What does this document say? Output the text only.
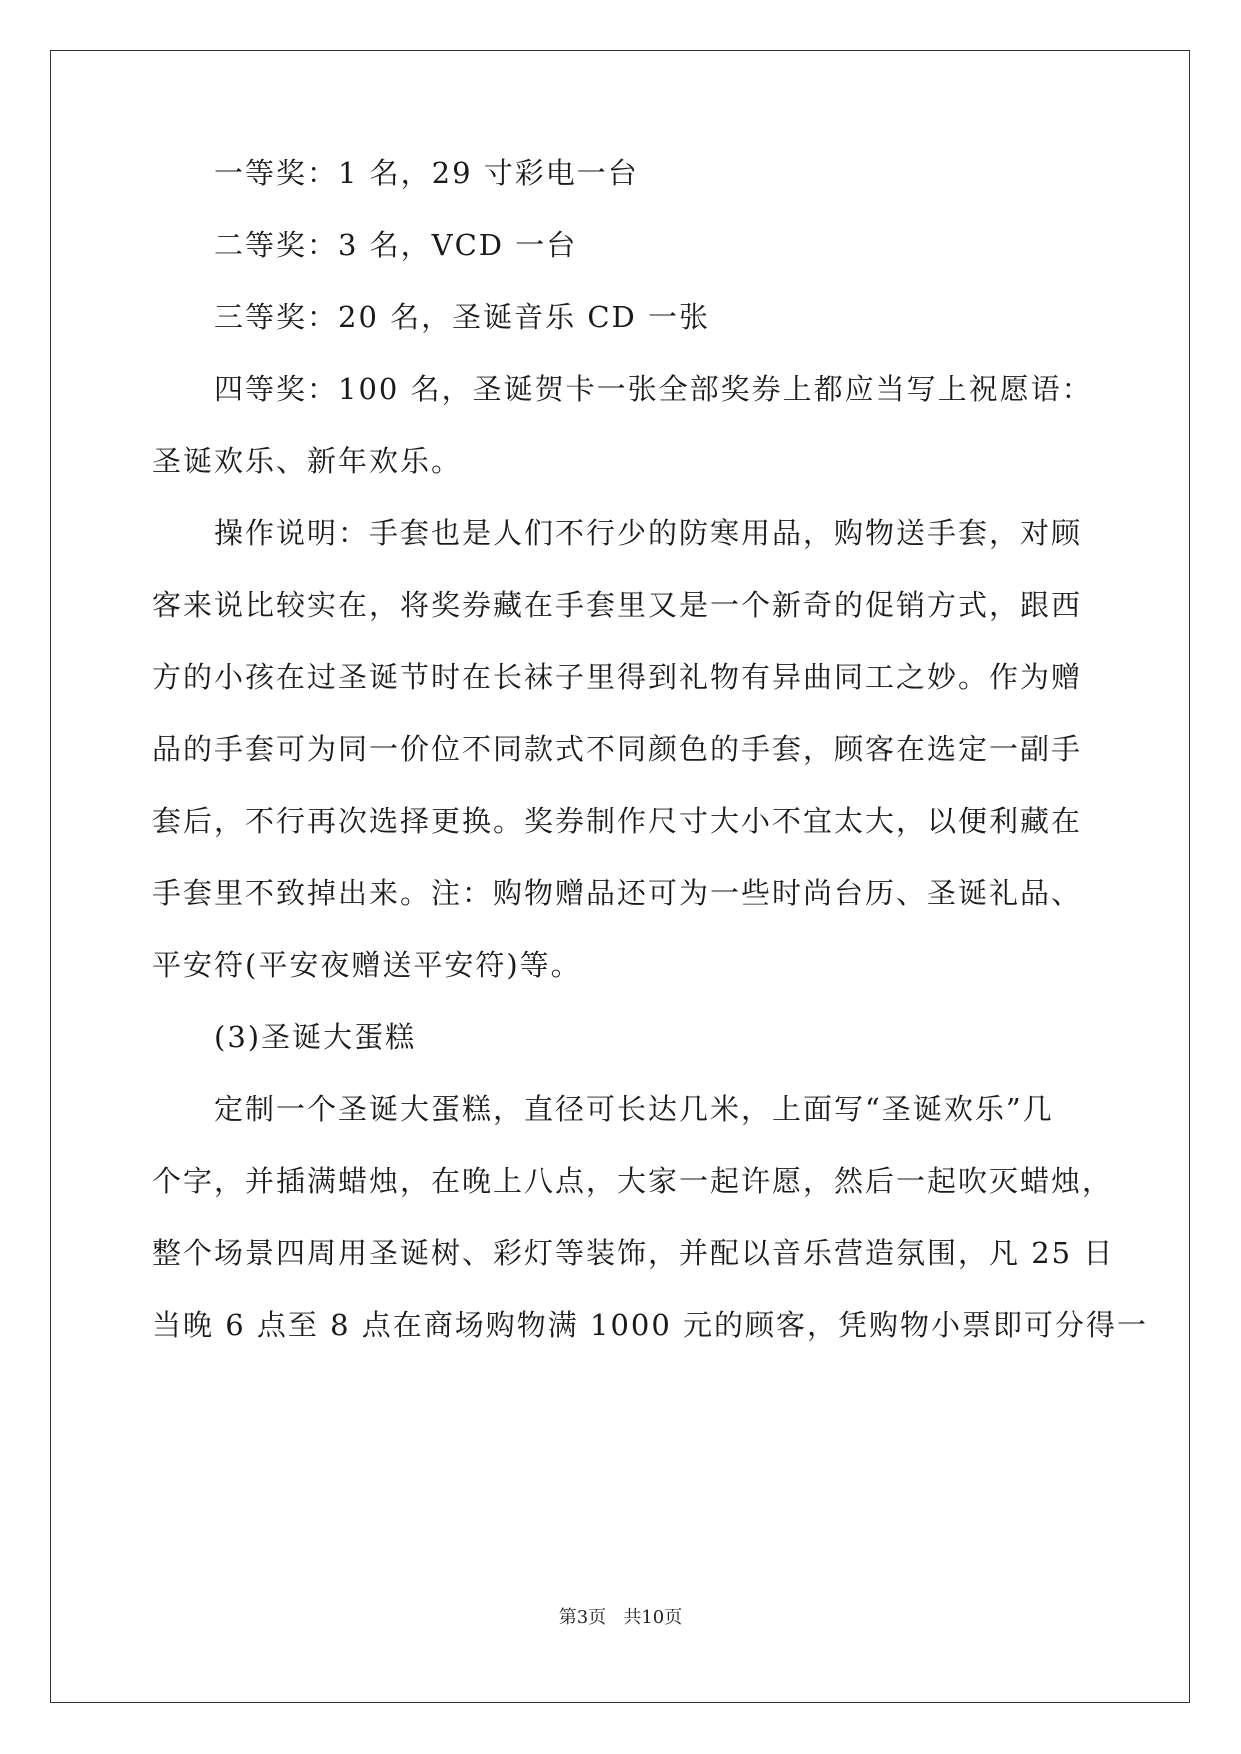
一等奖：1 名，29 寸彩电一台
二等奖：3 名，VCD 一台
三等奖：20 名，圣诞音乐 CD 一张
四等奖：100 名，圣诞贺卡一张全部奖券上都应当写上祝愿语：
圣诞欢乐、新年欢乐。
操作说明：手套也是人们不行少的防寒用品，购物送手套，对顾
客来说比较实在，将奖券藏在手套里又是一个新奇的促销方式，跟西
方的小孩在过圣诞节时在长袜子里得到礼物有异曲同工之妙。作为赠
品的手套可为同一价位不同款式不同颜色的手套，顾客在选定一副手
套后，不行再次选择更换。奖券制作尺寸大小不宜太大，以便利藏在
手套里不致掉出来。注：购物赠品还可为一些时尚台历、圣诞礼品、
平安符(平安夜赠送平安符)等。
(3)圣诞大蛋糕
定制一个圣诞大蛋糕，直径可长达几米，上面写“圣诞欢乐”几
个字，并插满蜡烛，在晚上八点，大家一起许愿，然后一起吹灭蜡烛，
整个场景四周用圣诞树、彩灯等装饰，并配以音乐营造氛围，凡 25 日
当晚 6 点至 8 点在商场购物满 1000 元的顾客，凭购物小票即可分得一
第3页 共10页
